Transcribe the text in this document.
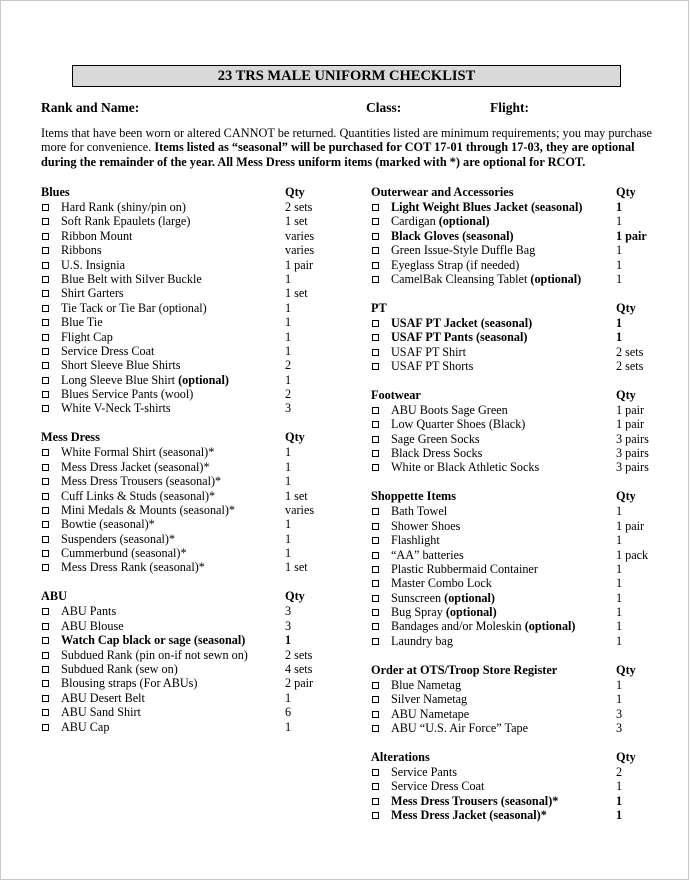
23 TRS MALE UNIFORM CHECKLIST
Rank and Name:	Class:	Flight:
Items that have been worn or altered CANNOT be returned. Quantities listed are minimum requirements; you may purchase more for convenience. Items listed as “seasonal” will be purchased for COT 17-01 through 17-03, they are optional during the remainder of the year. All Mess Dress uniform items (marked with *) are optional for RCOT.
Blues	Qty
Hard Rank (shiny/pin on)	2 sets
Soft Rank Epaulets (large)	1 set
Ribbon Mount	varies
Ribbons	varies
U.S. Insignia	1 pair
Blue Belt with Silver Buckle	1
Shirt Garters	1 set
Tie Tack or Tie Bar (optional)	1
Blue Tie	1
Flight Cap	1
Service Dress Coat	1
Short Sleeve Blue Shirts	2
Long Sleeve Blue Shirt (optional)	1
Blues Service Pants (wool)	2
White V-Neck T-shirts	3
Mess Dress	Qty
White Formal Shirt (seasonal)*	1
Mess Dress Jacket (seasonal)*	1
Mess Dress Trousers (seasonal)*	1
Cuff Links & Studs (seasonal)*	1 set
Mini Medals & Mounts (seasonal)*	varies
Bowtie (seasonal)*	1
Suspenders (seasonal)*	1
Cummerbund (seasonal)*	1
Mess Dress Rank (seasonal)*	1 set
ABU	Qty
ABU Pants	3
ABU Blouse	3
Watch Cap black or sage (seasonal)	1
Subdued Rank (pin on-if not sewn on)	2 sets
Subdued Rank (sew on)	4 sets
Blousing straps (For ABUs)	2 pair
ABU Desert Belt	1
ABU Sand Shirt	6
ABU Cap	1
Outerwear and Accessories	Qty
Light Weight Blues Jacket (seasonal)	1
Cardigan (optional)	1
Black Gloves (seasonal)	1 pair
Green Issue-Style Duffle Bag	1
Eyeglass Strap (if needed)	1
CamelBak Cleansing Tablet (optional)	1
PT	Qty
USAF PT Jacket (seasonal)	1
USAF PT Pants (seasonal)	1
USAF PT Shirt	2 sets
USAF PT Shorts	2 sets
Footwear	Qty
ABU Boots Sage Green	1 pair
Low Quarter Shoes (Black)	1 pair
Sage Green Socks	3 pairs
Black Dress Socks	3 pairs
White or Black Athletic Socks	3 pairs
Shoppette Items	Qty
Bath Towel	1
Shower Shoes	1 pair
Flashlight	1
“AA” batteries	1 pack
Plastic Rubbermaid Container	1
Master Combo Lock	1
Sunscreen (optional)	1
Bug Spray (optional)	1
Bandages and/or Moleskin (optional)	1
Laundry bag	1
Order at OTS/Troop Store Register	Qty
Blue Nametag	1
Silver Nametag	1
ABU Nametape	3
ABU “U.S. Air Force” Tape	3
Alterations	Qty
Service Pants	2
Service Dress Coat	1
Mess Dress Trousers (seasonal)*	1
Mess Dress Jacket (seasonal)*	1
